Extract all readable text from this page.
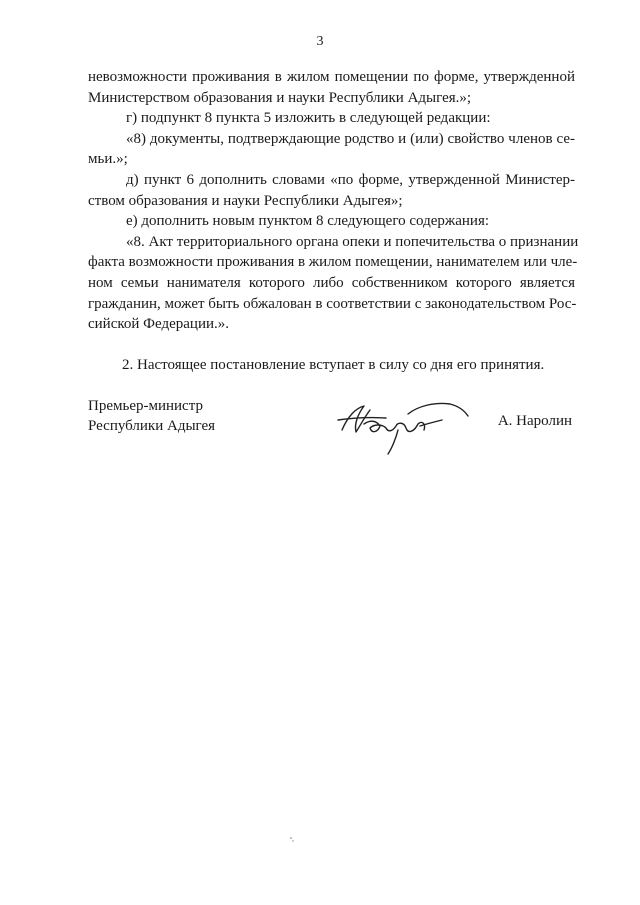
3
невозможности проживания в жилом помещении по форме, утвержденной
Министерством образования и науки Республики Адыгея.»;
г) подпункт 8 пункта 5 изложить в следующей редакции:
«8) документы, подтверждающие родство и (или) свойство членов се-
мьи.»;
д) пункт 6 дополнить словами «по форме, утвержденной Министер-
ством образования и науки Республики Адыгея»;
е) дополнить новым пунктом 8 следующего содержания:
«8. Акт территориального органа опеки и попечительства о признании
факта возможности проживания в жилом помещении, нанимателем или чле-
ном семьи нанимателя которого либо собственником которого является
гражданин, может быть обжалован в соответствии с законодательством Рос-
сийской Федерации.».
2. Настоящее постановление вступает в силу со дня его принятия.
Премьер-министр
Республики Адыгея	А. Наролин
